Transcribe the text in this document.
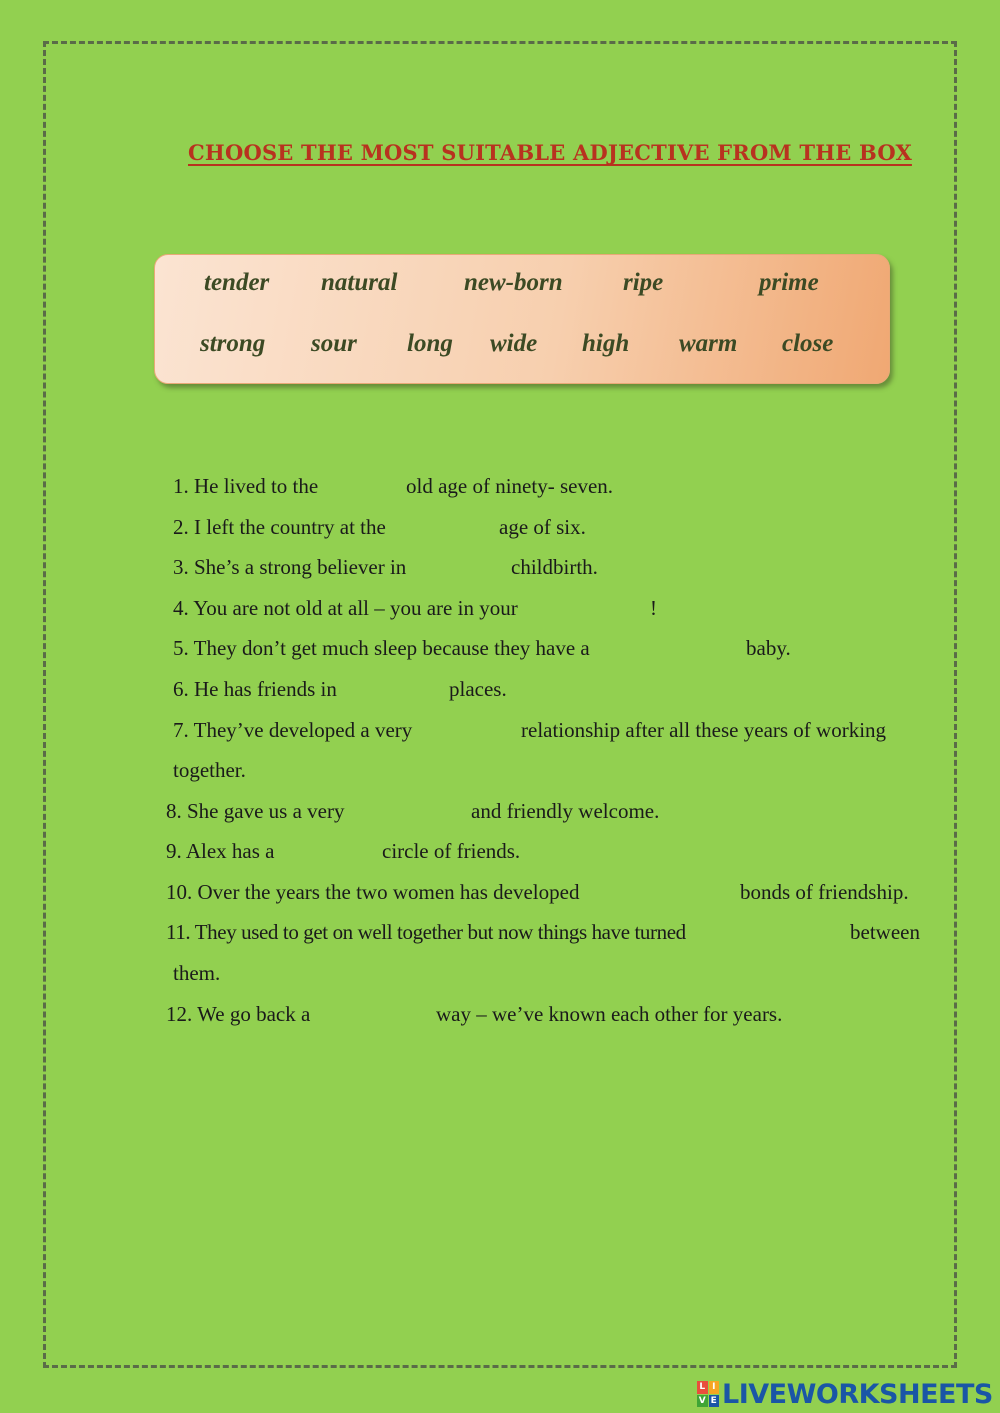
CHOOSE THE MOST SUITABLE ADJECTIVE FROM THE BOX
tender natural	new-born ripe	prime
strong sour long wide high warm close
1. He lived to the	old age of ninety- seven.
2. I left the country at the	age of six.
3. She’s a strong believer in	childbirth.
4. You are not old at all – you are in your	!
5. They don’t get much sleep because they have a	baby.
6. He has friends in	places.
7. They’ve developed a very	relationship after all these years of working
together.
8. She gave us a very	and friendly welcome.
9. Alex has a	circle of friends.
10. Over the years the two women has developed	bonds of friendship.
11. They used to get on well together but now things have turned	between
them.
12. We go back a	way – we’ve known each other for years.
L I
V E LIVEWORKSHEETS
